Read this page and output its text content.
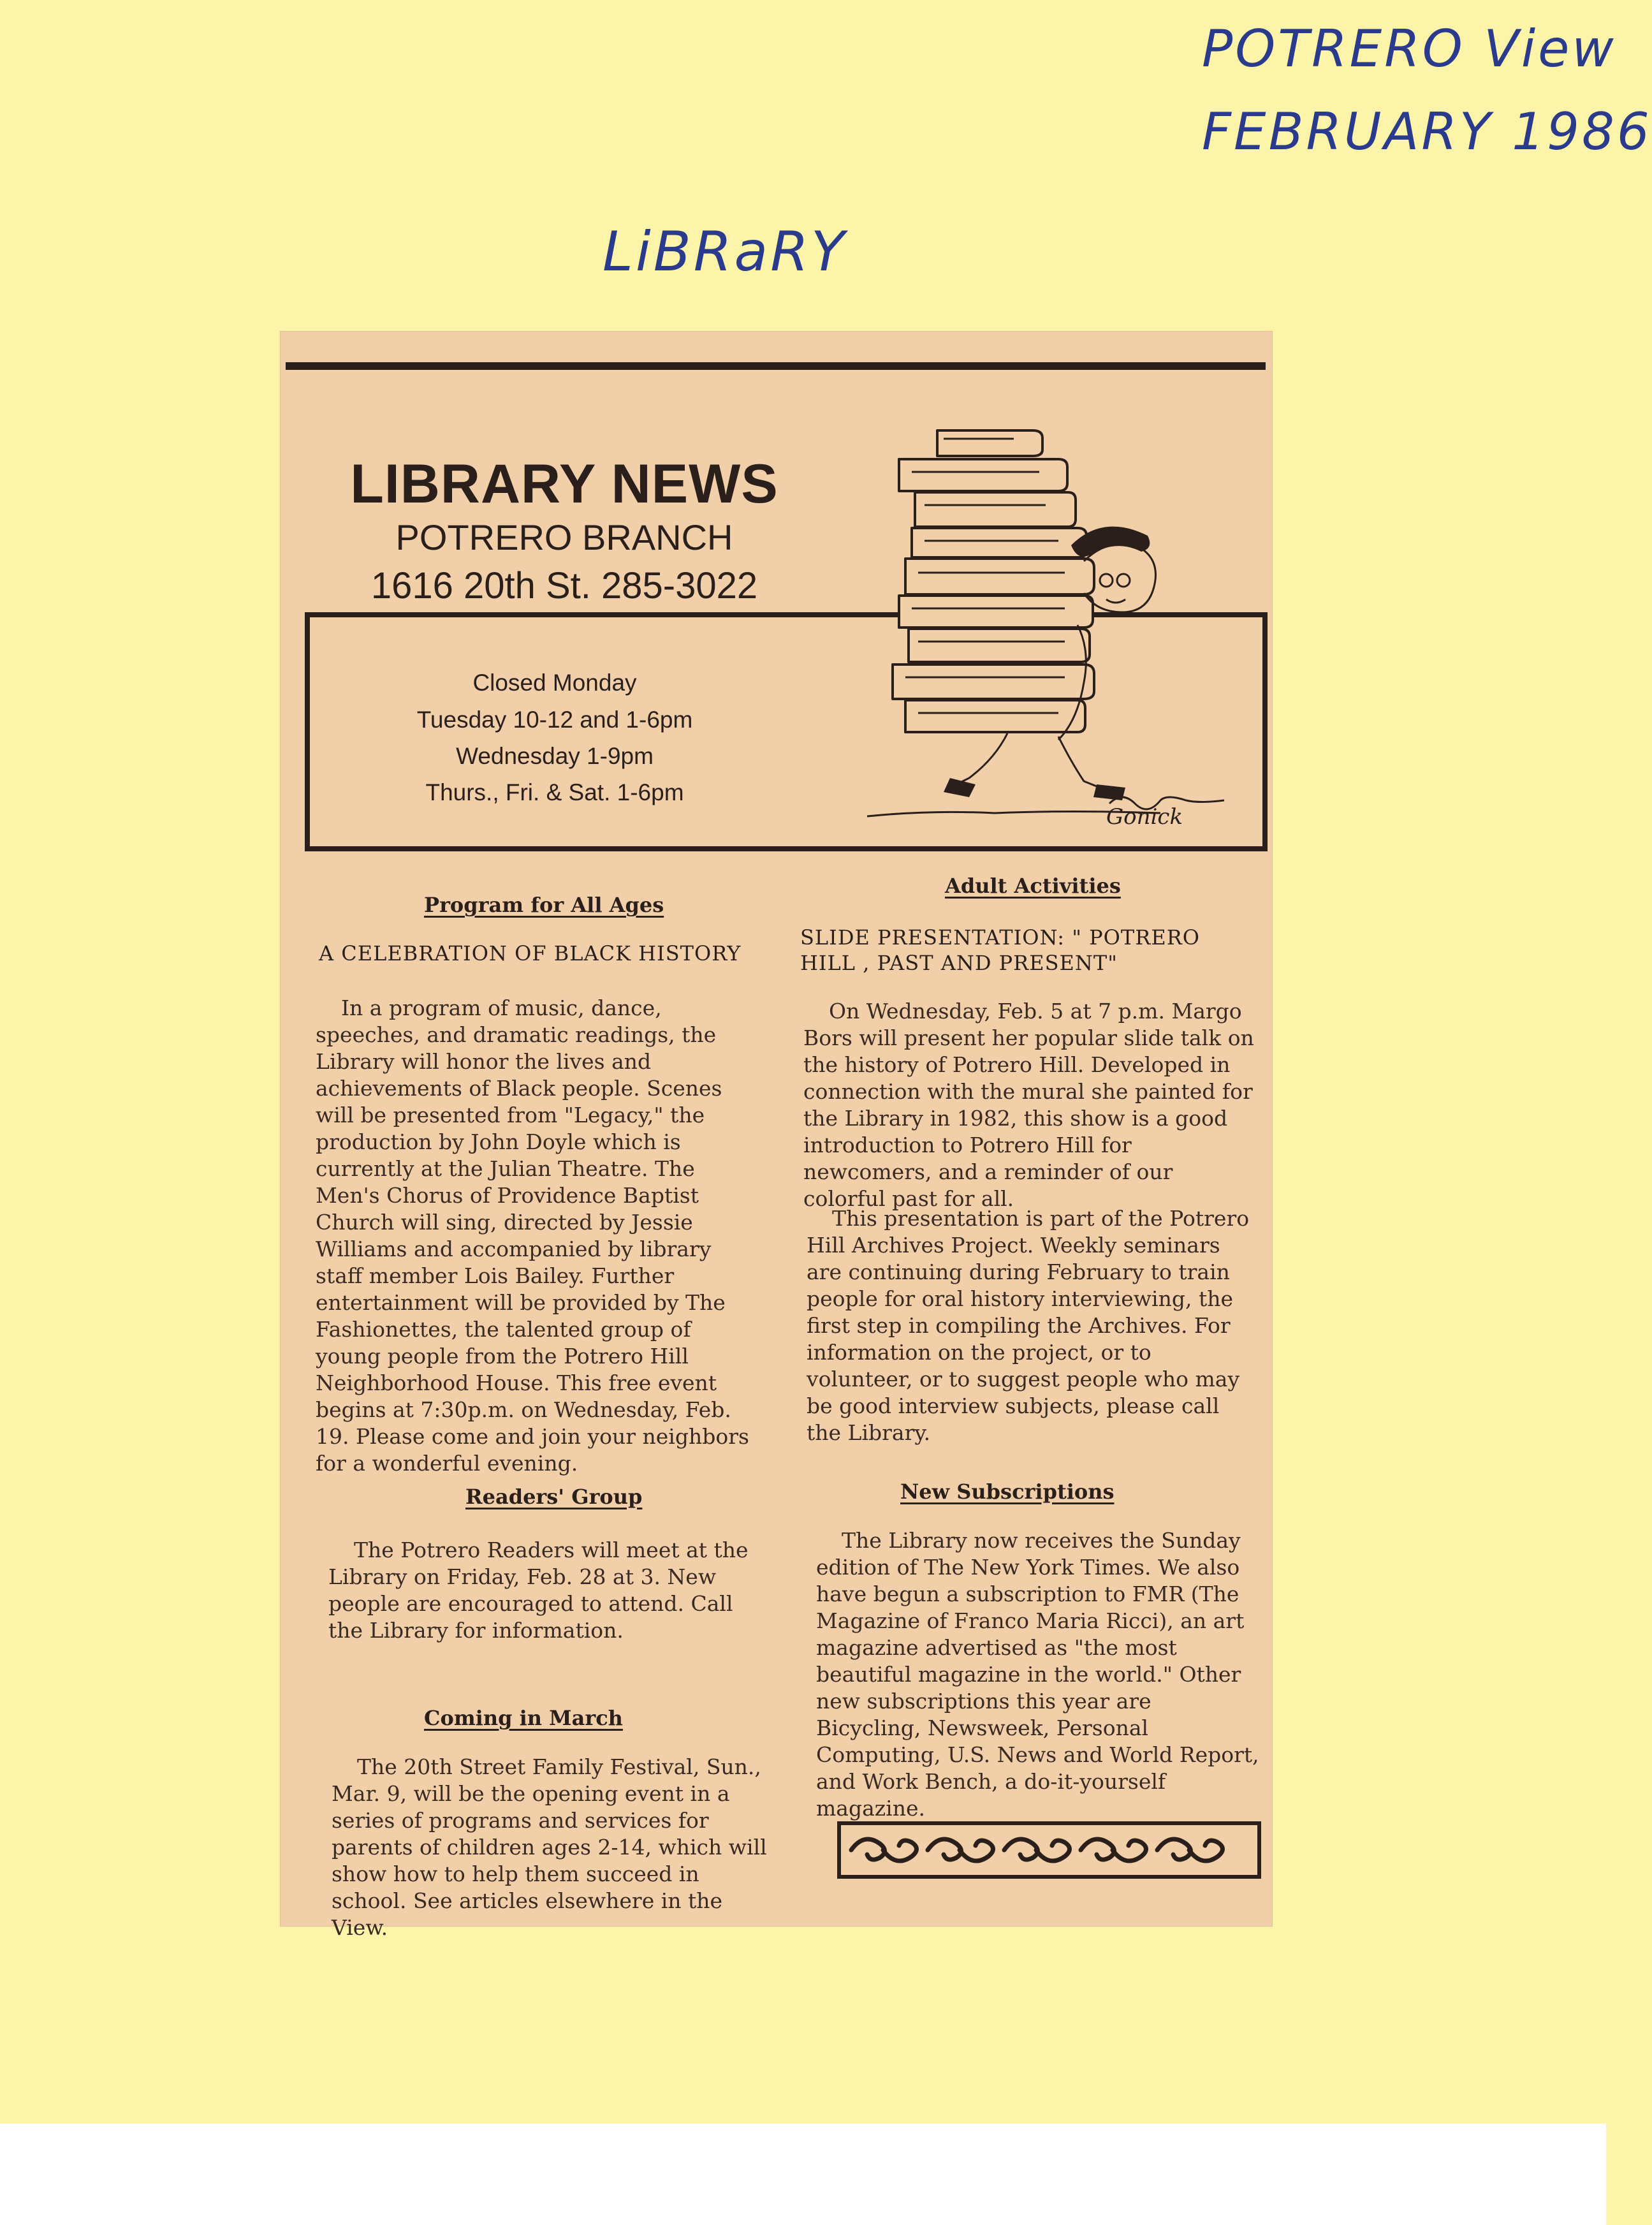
POTRERO View
FEBRUARY 1986
LiBRaRY
LIBRARY NEWS
POTRERO BRANCH
1616 20th St. 285-3022
Closed Monday
Tuesday 10-12 and 1-6pm
Wednesday 1-9pm
Thurs., Fri. & Sat. 1-6pm
Gonick
Program for All Ages
A CELEBRATION OF BLACK HISTORY
In a program of music, dance, speeches, and dramatic readings, the Library will honor the lives and achievements of Black people. Scenes will be presented from "Legacy," the production by John Doyle which is currently at the Julian Theatre. The Men's Chorus of Providence Baptist Church will sing, directed by Jessie Williams and accompanied by library staff member Lois Bailey. Further entertainment will be provided by The Fashionettes, the talented group of young people from the Potrero Hill Neighborhood House. This free event begins at 7:30p.m. on Wednesday, Feb. 19. Please come and join your neighbors for a wonderful evening.
Readers' Group
The Potrero Readers will meet at the Library on Friday, Feb. 28 at 3. New people are encouraged to attend. Call the Library for information.
Coming in March
The 20th Street Family Festival, Sun., Mar. 9, will be the opening event in a series of programs and services for parents of children ages 2-14, which will show how to help them succeed in school. See articles elsewhere in the View.
Adult Activities
SLIDE PRESENTATION: " POTRERO HILL , PAST AND PRESENT"
On Wednesday, Feb. 5 at 7 p.m. Margo Bors will present her popular slide talk on the history of Potrero Hill. Developed in connection with the mural she painted for the Library in 1982, this show is a good introduction to Potrero Hill for newcomers, and a reminder of our colorful past for all.
This presentation is part of the Potrero Hill Archives Project. Weekly seminars are continuing during February to train people for oral history interviewing, the first step in compiling the Archives. For information on the project, or to volunteer, or to suggest people who may be good interview subjects, please call the Library.
New Subscriptions
The Library now receives the Sunday edition of The New York Times. We also have begun a subscription to FMR (The Magazine of Franco Maria Ricci), an art magazine advertised as "the most beautiful magazine in the world." Other new subscriptions this year are Bicycling, Newsweek, Personal Computing, U.S. News and World Report, and Work Bench, a do-it-yourself magazine.
